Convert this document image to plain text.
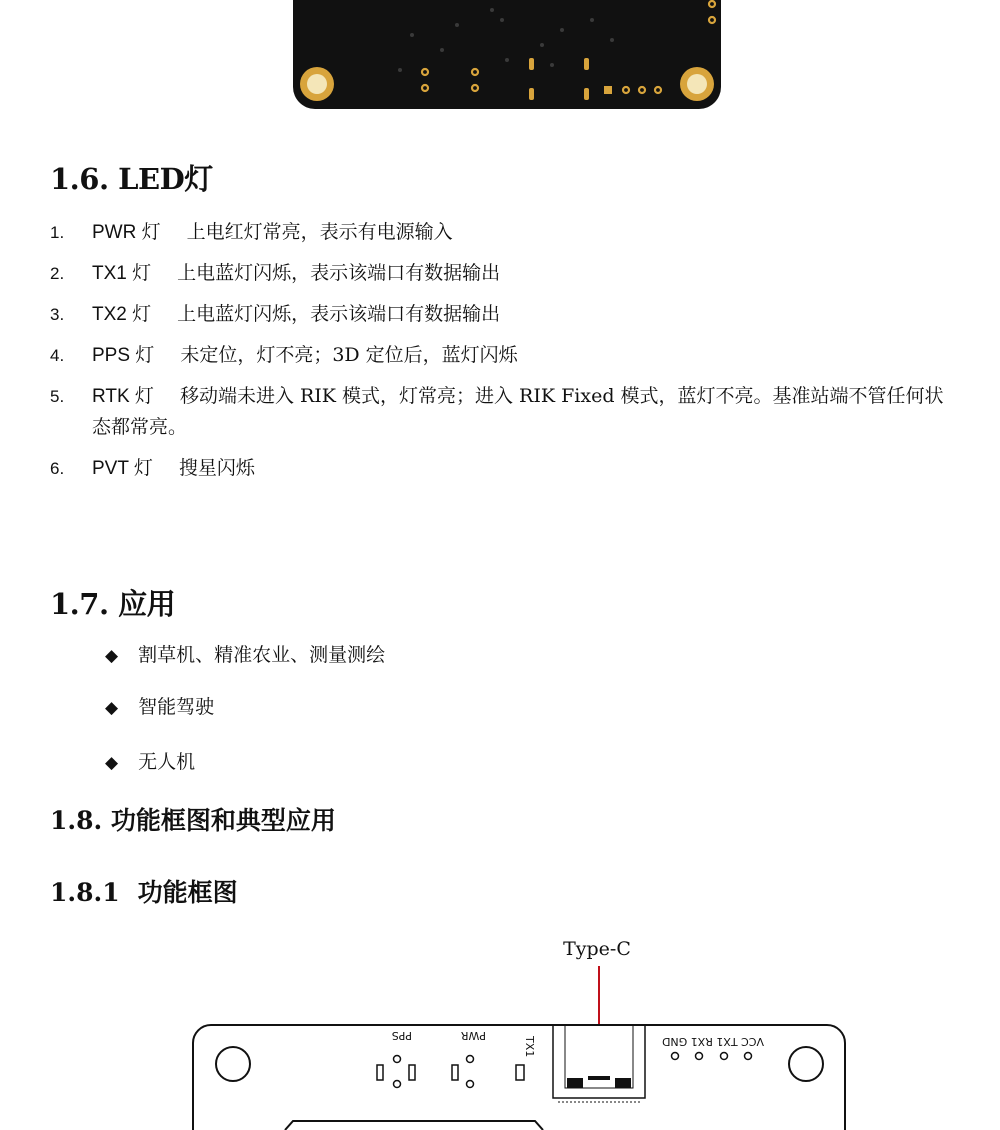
1.6. LED灯
1.	PWR 灯 上电红灯常亮，表示有电源输入
2.	TX1 灯 上电蓝灯闪烁，表示该端口有数据输出
3.	TX2 灯 上电蓝灯闪烁，表示该端口有数据输出
4.	PPS 灯 未定位，灯不亮；3D 定位后，蓝灯闪烁
5.	RTK 灯 移动端未进入 RIK 模式，灯常亮；进入 RIK Fixed 模式，蓝灯不亮。基准站端不管任何状态都常亮。
6.	PVT 灯 搜星闪烁
1.7. 应用
◆ 割草机、精准农业、测量测绘
◆ 智能驾驶
◆ 无人机
1.8. 功能框图和典型应用
1.8.1 功能框图
Type-C
PPS	PWR
TX1	VCC TX1 RX1 GND
